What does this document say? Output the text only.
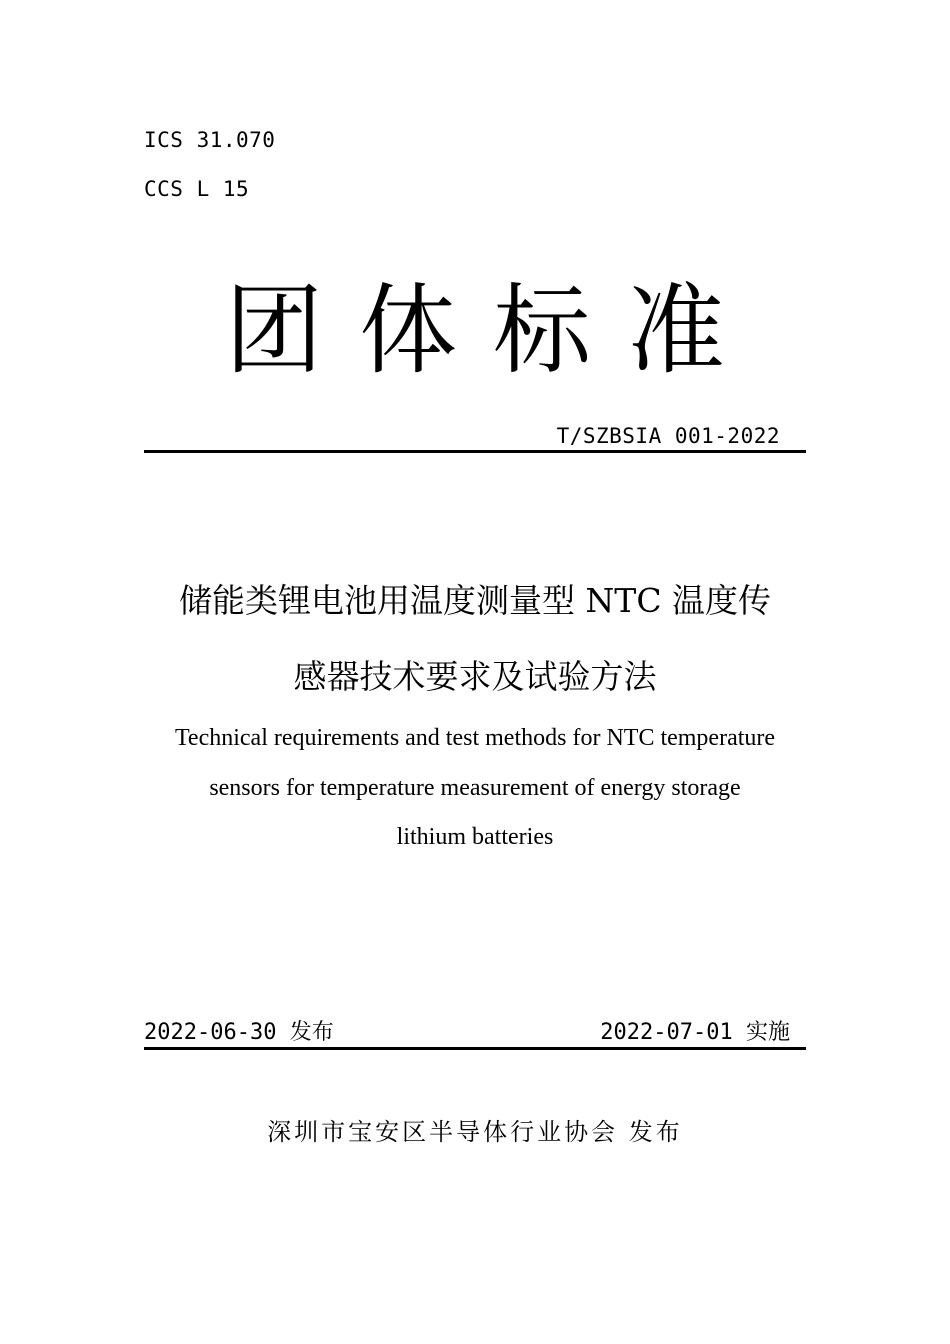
ICS 31.070
CCS L 15
团体标准
T/SZBSIA 001-2022
储能类锂电池用温度测量型 NTC 温度传
感器技术要求及试验方法
Technical requirements and test methods for NTC temperature
sensors for temperature measurement of energy storage
lithium batteries
2022-06-30 发布	2022-07-01 实施
深圳市宝安区半导体行业协会 发布
